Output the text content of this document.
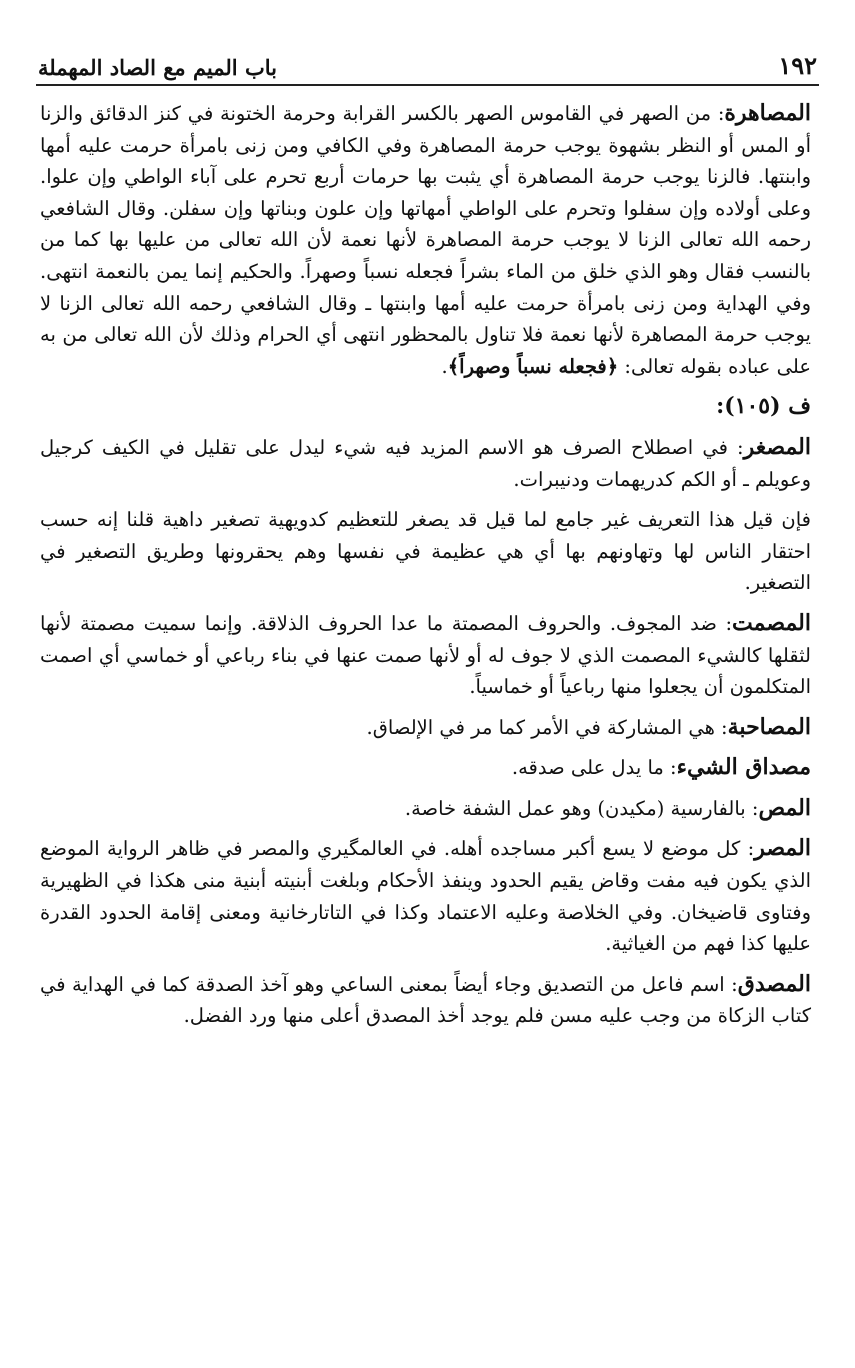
١٩٢
باب الميم مع الصاد المهملة

المصاهرة: من الصهر في القاموس الصهر بالكسر القرابة وحرمة الختونة في كنز الدقائق والزنا أو المس أو النظر بشهوة يوجب حرمة المصاهرة وفي الكافي ومن زنى بامرأة حرمت عليه أمها وابنتها. فالزنا يوجب حرمة المصاهرة أي يثبت بها حرمات أربع تحرم على آباء الواطي وإن علوا. وعلى أولاده وإن سفلوا وتحرم على الواطي أمهاتها وإن علون وبناتها وإن سفلن. وقال الشافعي رحمه الله تعالى الزنا لا يوجب حرمة المصاهرة لأنها نعمة لأن الله تعالى من عليها بها كما من بالنسب فقال وهو الذي خلق من الماء بشراً فجعله نسباً وصهراً. والحكيم إنما يمن بالنعمة انتهى. وفي الهداية ومن زنى بامرأة حرمت عليه أمها وابنتها ـ وقال الشافعي رحمه الله تعالى الزنا لا يوجب حرمة المصاهرة لأنها نعمة فلا تناول بالمحظور انتهى أي الحرام وذلك لأن الله تعالى من به على عباده بقوله تعالى: ﴿فجعله نسباً وصهراً﴾.

ف (١٠٥):

المصغر: في اصطلاح الصرف هو الاسم المزيد فيه شيء ليدل على تقليل في الكيف كرجيل وعويلم ـ أو الكم كدريهمات ودنيبرات.

فإن قيل هذا التعريف غير جامع لما قيل قد يصغر للتعظيم كدويهية تصغير داهية قلنا إنه حسب احتقار الناس لها وتهاونهم بها أي هي عظيمة في نفسها وهم يحقرونها وطريق التصغير في التصغير.

المصمت: ضد المجوف. والحروف المصمتة ما عدا الحروف الذلاقة. وإنما سميت مصمتة لأنها لثقلها كالشيء المصمت الذي لا جوف له أو لأنها صمت عنها في بناء رباعي أو خماسي أي اصمت المتكلمون أن يجعلوا منها رباعياً أو خماسياً.

المصاحبة: هي المشاركة في الأمر كما مر في الإلصاق.

مصداق الشيء: ما يدل على صدقه.

المص: بالفارسية (مكيدن) وهو عمل الشفة خاصة.

المصر: كل موضع لا يسع أكبر مساجده أهله. في العالمگيري والمصر في ظاهر الرواية الموضع الذي يكون فيه مفت وقاض يقيم الحدود وينفذ الأحكام وبلغت أبنيته أبنية منى هكذا في الظهيرية وفتاوى قاضيخان. وفي الخلاصة وعليه الاعتماد وكذا في التاتارخانية ومعنى إقامة الحدود القدرة عليها كذا فهم من الغياثية.

المصدق: اسم فاعل من التصديق وجاء أيضاً بمعنى الساعي وهو آخذ الصدقة كما في الهداية في كتاب الزكاة من وجب عليه مسن فلم يوجد أخذ المصدق أعلى منها ورد الفضل.
